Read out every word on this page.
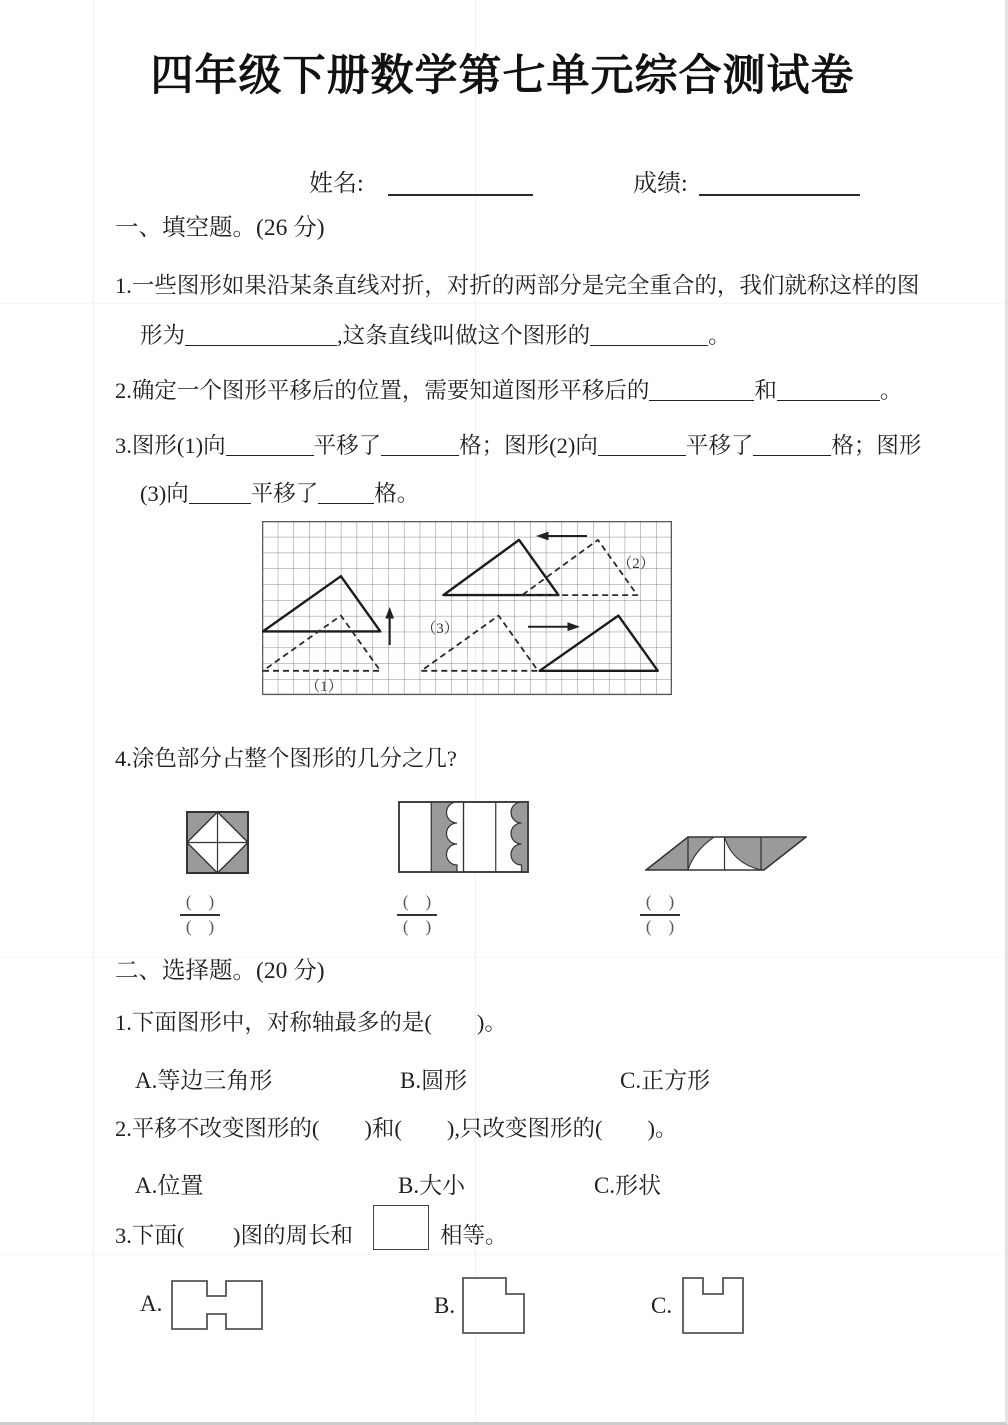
四年级下册数学第七单元综合测试卷
姓名:	成绩:
一、填空题。(26 分)
1.一些图形如果沿某条直线对折，对折的两部分是完全重合的，我们就称这样的图
形为	,这条直线叫做这个图形的	。
2.确定一个图形平移后的位置，需要知道图形平移后的	和	。
3.图形(1)向	平移了	格；图形(2)向	平移了	格；图形
(3)向	平移了 格。
（1）
（2）
（3）
4.涂色部分占整个图形的几分之几?
(　)
(　)
(　)
(　)
(　)
(　)
二、选择题。(20 分)
1.下面图形中，对称轴最多的是(　　)。
A.等边三角形	B.圆形	C.正方形
2.平移不改变图形的(　　)和(　　),只改变图形的(　　)。
A.位置	B.大小	C.形状
3.下面( )图的周长和	相等。
A.	B.	C.
